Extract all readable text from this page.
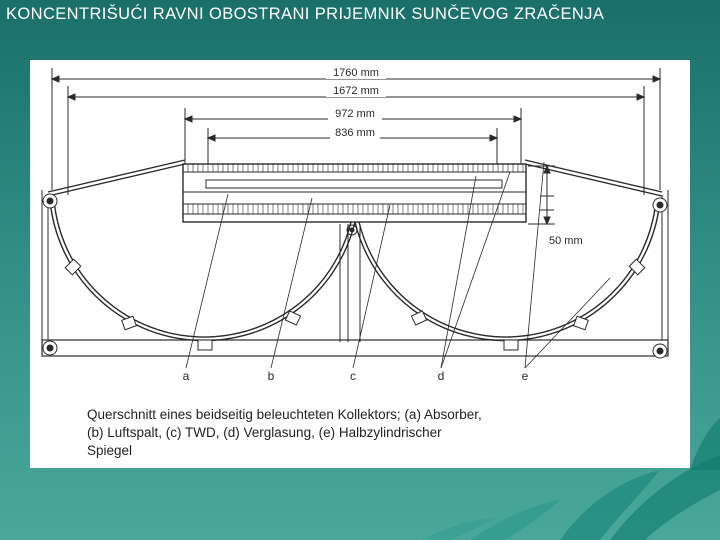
KONCENTRIŠUĆI RAVNI OBOSTRANI PRIJEMNIK SUNČEVOG ZRAČENJA
1760 mm
1672 mm
972 mm
836 mm
50 mm
a	b	c	d	e
Querschnitt eines beidseitig beleuchteten Kollektors; (a) Absorber,
(b) Luftspalt, (c) TWD, (d) Verglasung, (e) Halbzylindrischer
Spiegel
